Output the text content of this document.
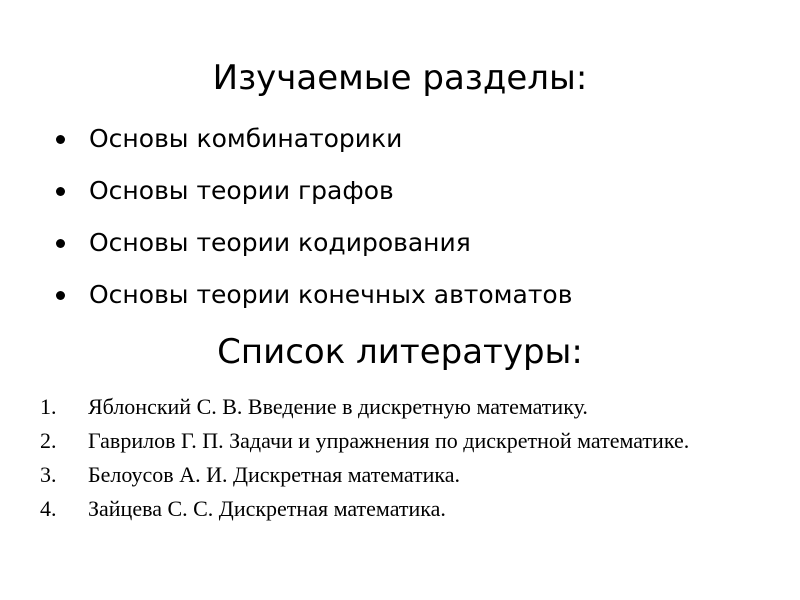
Изучаемые разделы:
Основы комбинаторики
Основы теории графов
Основы теории кодирования
Основы теории конечных автоматов
Список литературы:
1. Яблонский С. В. Введение в дискретную математику.
2. Гаврилов Г. П. Задачи и упражнения по дискретной математике.
3. Белоусов А. И. Дискретная математика.
4. Зайцева С. С. Дискретная математика.
